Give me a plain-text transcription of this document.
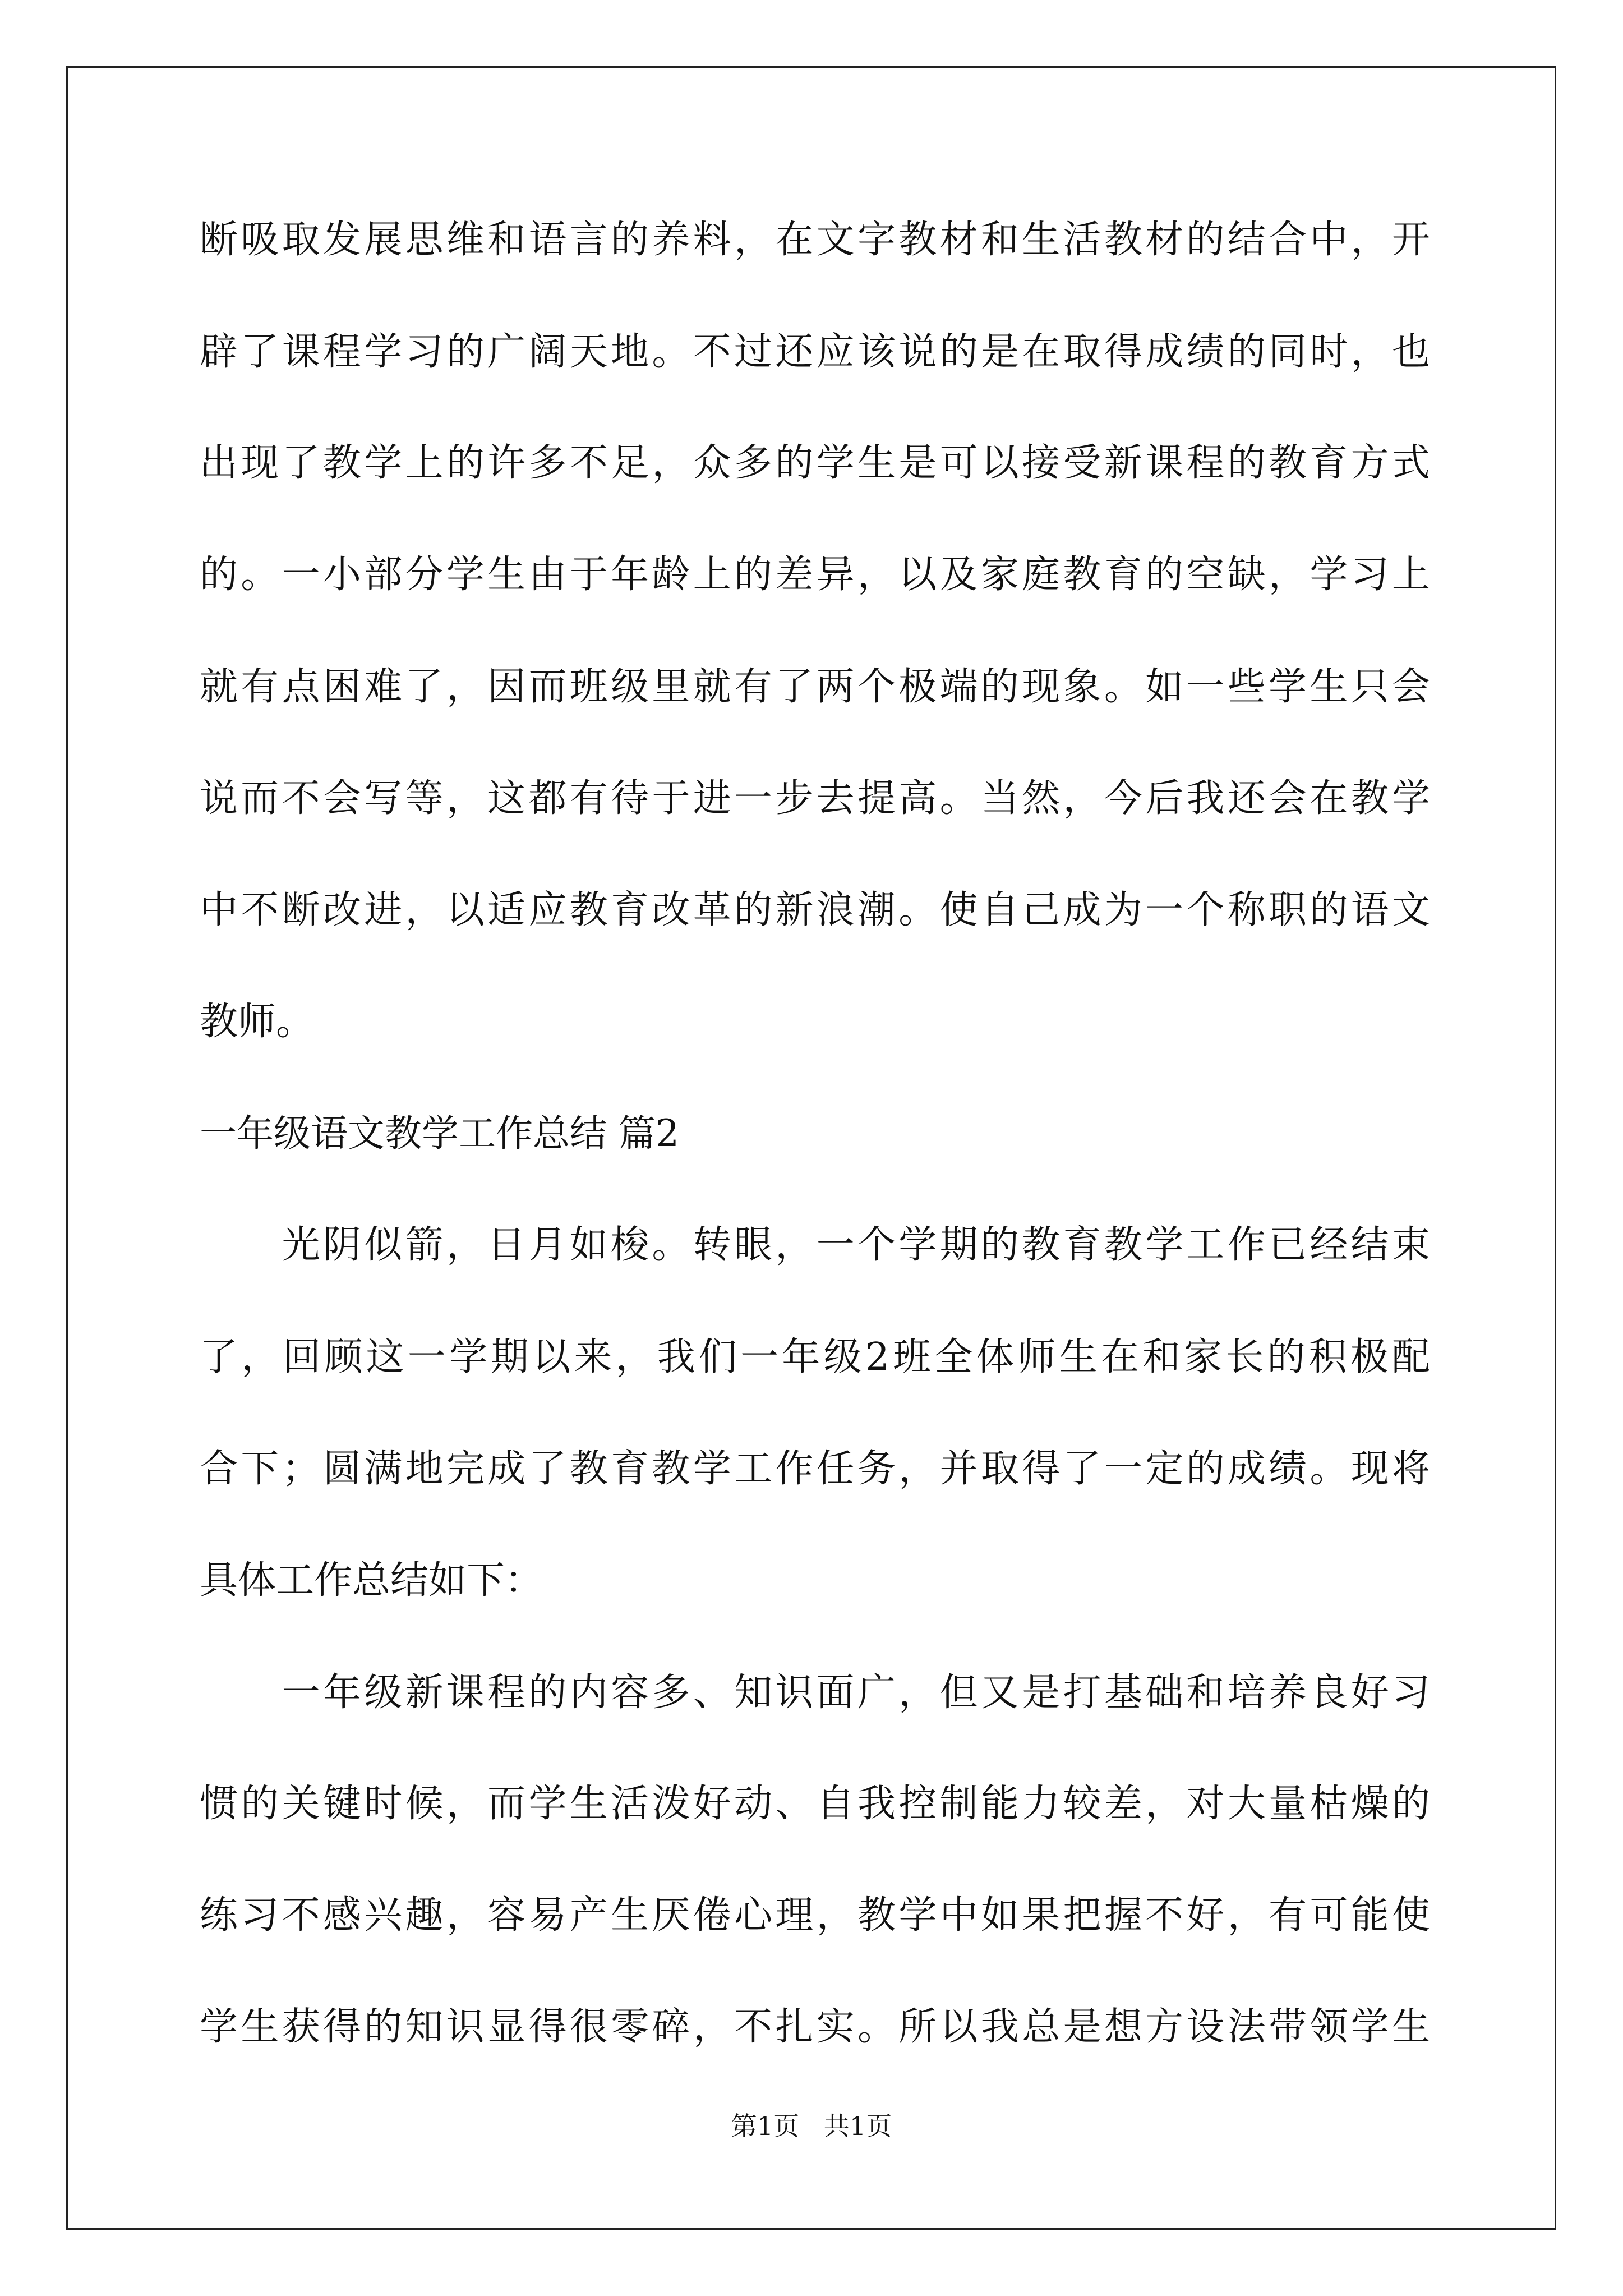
断吸取发展思维和语言的养料，在文字教材和生活教材的结合中，开
辟了课程学习的广阔天地。不过还应该说的是在取得成绩的同时，也
出现了教学上的许多不足，众多的学生是可以接受新课程的教育方式
的。一小部分学生由于年龄上的差异，以及家庭教育的空缺，学习上
就有点困难了，因而班级里就有了两个极端的现象。如一些学生只会
说而不会写等，这都有待于进一步去提高。当然，今后我还会在教学
中不断改进，以适应教育改革的新浪潮。使自己成为一个称职的语文
教师。
一年级语文教学工作总结 篇2
　　光阴似箭，日月如梭。转眼，一个学期的教育教学工作已经结束
了，回顾这一学期以来，我们一年级2班全体师生在和家长的积极配
合下；圆满地完成了教育教学工作任务，并取得了一定的成绩。现将
具体工作总结如下：
　　一年级新课程的内容多、知识面广，但又是打基础和培养良好习
惯的关键时候，而学生活泼好动、自我控制能力较差，对大量枯燥的
练习不感兴趣，容易产生厌倦心理，教学中如果把握不好，有可能使
学生获得的知识显得很零碎，不扎实。所以我总是想方设法带领学生
第1页   共1页
